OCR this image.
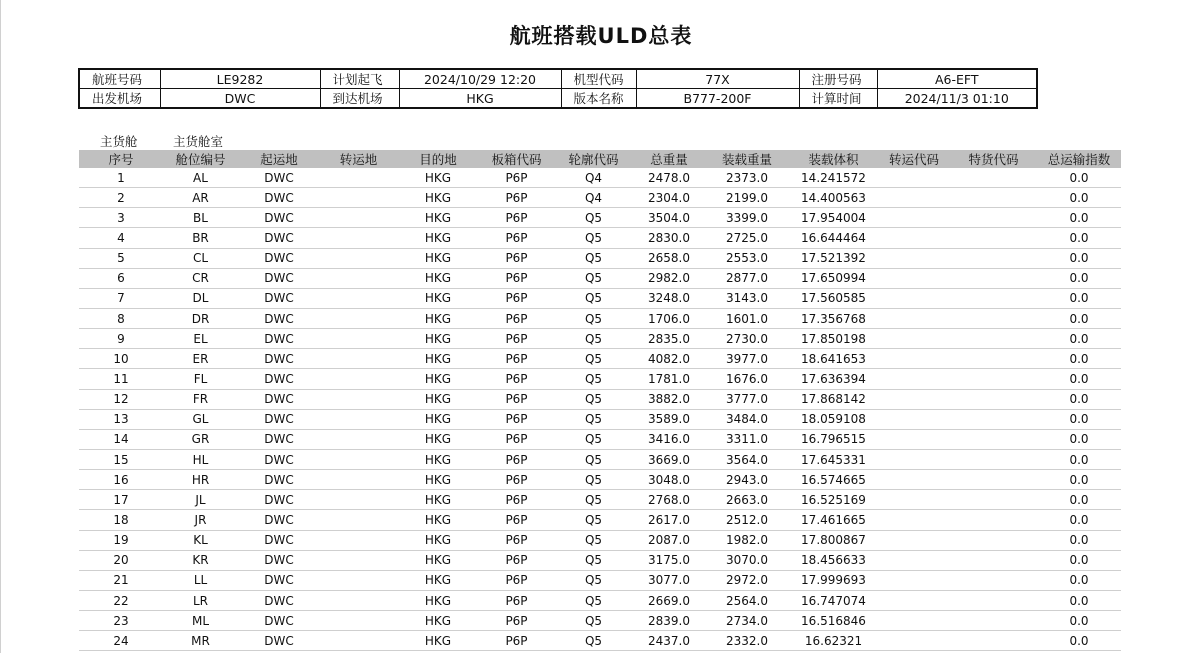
航班搭载ULD总表
航班号码	LE9282	计划起飞	2024/10/29 12:20	机型代码	77X	注册号码	A6-EFT
出发机场	DWC	到达机场	HKG	版本名称	B777-200F	计算时间	2024/11/3 01:10
主货舱	主货舱室
序号	舱位编号	起运地	转运地	目的地	板箱代码	轮廓代码	总重量	装载重量	装载体积	转运代码	特货代码	总运输指数
1	AL	DWC		HKG	P6P	Q4	2478.0	2373.0	14.241572			0.0
2	AR	DWC		HKG	P6P	Q4	2304.0	2199.0	14.400563			0.0
3	BL	DWC		HKG	P6P	Q5	3504.0	3399.0	17.954004			0.0
4	BR	DWC		HKG	P6P	Q5	2830.0	2725.0	16.644464			0.0
5	CL	DWC		HKG	P6P	Q5	2658.0	2553.0	17.521392			0.0
6	CR	DWC		HKG	P6P	Q5	2982.0	2877.0	17.650994			0.0
7	DL	DWC		HKG	P6P	Q5	3248.0	3143.0	17.560585			0.0
8	DR	DWC		HKG	P6P	Q5	1706.0	1601.0	17.356768			0.0
9	EL	DWC		HKG	P6P	Q5	2835.0	2730.0	17.850198			0.0
10	ER	DWC		HKG	P6P	Q5	4082.0	3977.0	18.641653			0.0
11	FL	DWC		HKG	P6P	Q5	1781.0	1676.0	17.636394			0.0
12	FR	DWC		HKG	P6P	Q5	3882.0	3777.0	17.868142			0.0
13	GL	DWC		HKG	P6P	Q5	3589.0	3484.0	18.059108			0.0
14	GR	DWC		HKG	P6P	Q5	3416.0	3311.0	16.796515			0.0
15	HL	DWC		HKG	P6P	Q5	3669.0	3564.0	17.645331			0.0
16	HR	DWC		HKG	P6P	Q5	3048.0	2943.0	16.574665			0.0
17	JL	DWC		HKG	P6P	Q5	2768.0	2663.0	16.525169			0.0
18	JR	DWC		HKG	P6P	Q5	2617.0	2512.0	17.461665			0.0
19	KL	DWC		HKG	P6P	Q5	2087.0	1982.0	17.800867			0.0
20	KR	DWC		HKG	P6P	Q5	3175.0	3070.0	18.456633			0.0
21	LL	DWC		HKG	P6P	Q5	3077.0	2972.0	17.999693			0.0
22	LR	DWC		HKG	P6P	Q5	2669.0	2564.0	16.747074			0.0
23	ML	DWC		HKG	P6P	Q5	2839.0	2734.0	16.516846			0.0
24	MR	DWC		HKG	P6P	Q5	2437.0	2332.0	16.62321			0.0
